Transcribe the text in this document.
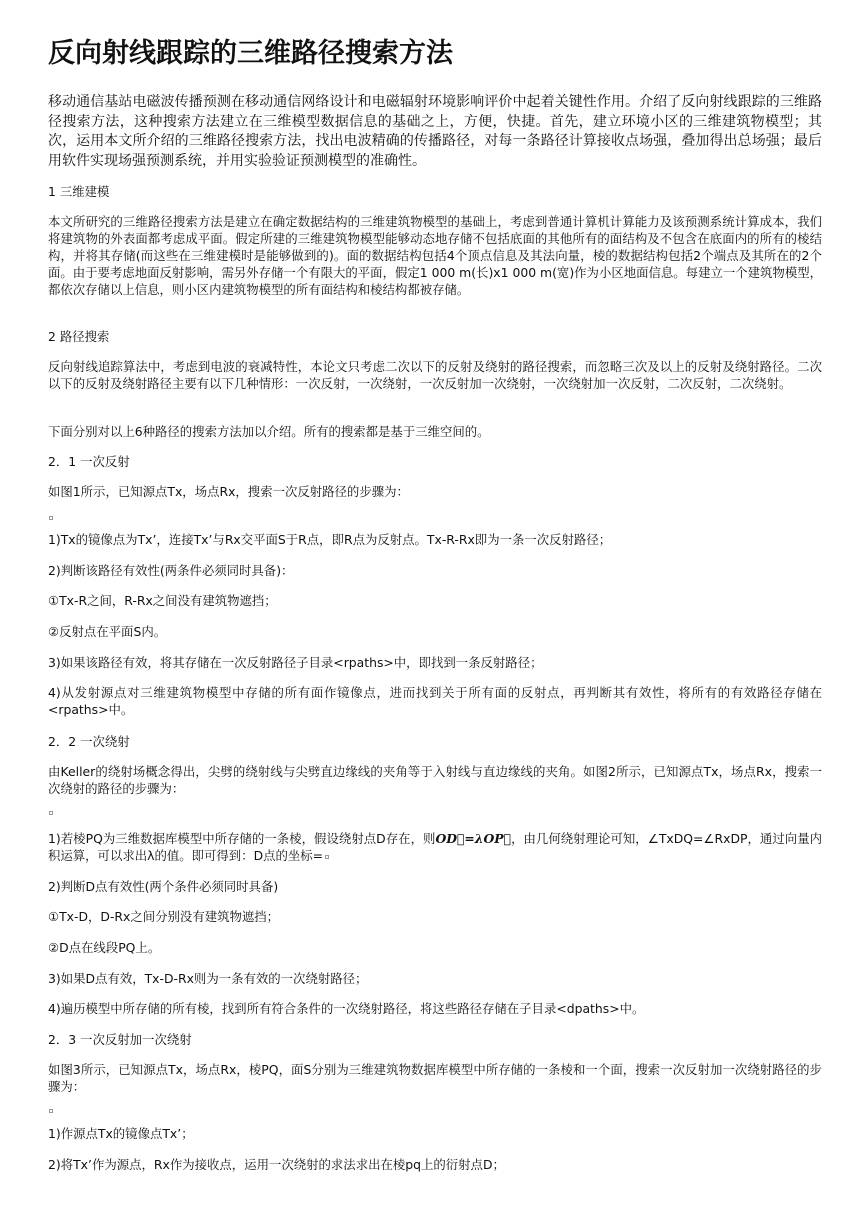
反向射线跟踪的三维路径搜索方法

移动通信基站电磁波传播预测在移动通信网络设计和电磁辐射环境影响评价中起着关键性作用。介绍了反向射线跟踪的三维路径搜索方法，这种搜索方法建立在三维模型数据信息的基础之上，方便，快捷。首先，建立环境小区的三维建筑物模型；其次，运用本文所介绍的三维路径搜索方法，找出电波精确的传播路径，对每一条路径计算接收点场强，叠加得出总场强；最后用软件实现场强预测系统，并用实验验证预测模型的准确性。

1 三维建模

本文所研究的三维路径搜索方法是建立在确定数据结构的三维建筑物模型的基础上，考虑到普通计算机计算能力及该预测系统计算成本，我们将建筑物的外表面都考虑成平面。假定所建的三维建筑物模型能够动态地存储不包括底面的其他所有的面结构及不包含在底面内的所有的棱结构，并将其存储(而这些在三维建模时是能够做到的)。面的数据结构包括4个顶点信息及其法向量，棱的数据结构包括2个端点及其所在的2个面。由于要考虑地面反射影响，需另外存储一个有限大的平面，假定1 000 m(长)x1 000 m(宽)作为小区地面信息。每建立一个建筑物模型，都依次存储以上信息，则小区内建筑物模型的所有面结构和棱结构都被存储。

2 路径搜索

反向射线追踪算法中，考虑到电波的衰减特性，本论文只考虑二次以下的反射及绕射的路径搜索，而忽略三次及以上的反射及绕射路径。二次以下的反射及绕射路径主要有以下几种情形：一次反射，一次绕射，一次反射加一次绕射，一次绕射加一次反射，二次反射，二次绕射。

下面分别对以上6种路径的搜索方法加以介绍。所有的搜索都是基于三维空间的。

2．1 一次反射

如图1所示，已知源点Tx，场点Rx，搜索一次反射路径的步骤为：

1)Tx的镜像点为Tx’，连接Tx’与Rx交平面S于R点，即R点为反射点。Tx-R-Rx即为一条一次反射路径；

2)判断该路径有效性(两条件必须同时具备)：

①Tx-R之间，R-Rx之间没有建筑物遮挡；

②反射点在平面S内。

3)如果该路径有效，将其存储在一次反射路径子目录<rpaths>中，即找到一条反射路径；

4)从发射源点对三维建筑物模型中存储的所有面作镜像点，进而找到关于所有面的反射点，再判断其有效性，将所有的有效路径存储在<rpaths>中。

2．2 一次绕射

由Keller的绕射场概念得出，尖劈的绕射线与尖劈直边缘线的夹角等于入射线与直边缘线的夹角。如图2所示，已知源点Tx，场点Rx，搜索一次绕射的路径的步骤为：

1)若棱PQ为三维数据库模型中所存储的一条棱，假设绕射点D存在，则OD⃗=λOP⃗，由几何绕射理论可知，∠TxDQ=∠RxDP，通过向量内积运算，可以求出λ的值。即可得到：D点的坐标=

2)判断D点有效性(两个条件必须同时具备)

①Tx-D，D-Rx之间分别没有建筑物遮挡；

②D点在线段PQ上。

3)如果D点有效，Tx-D-Rx则为一条有效的一次绕射路径；

4)遍历模型中所存储的所有棱，找到所有符合条件的一次绕射路径，将这些路径存储在子目录<dpaths>中。

2．3 一次反射加一次绕射

如图3所示，已知源点Tx，场点Rx，棱PQ，面S分别为三维建筑物数据库模型中所存储的一条棱和一个面，搜索一次反射加一次绕射路径的步骤为：

1)作源点Tx的镜像点Tx’；

2)将Tx’作为源点，Rx作为接收点，运用一次绕射的求法求出在棱pq上的衍射点D；
